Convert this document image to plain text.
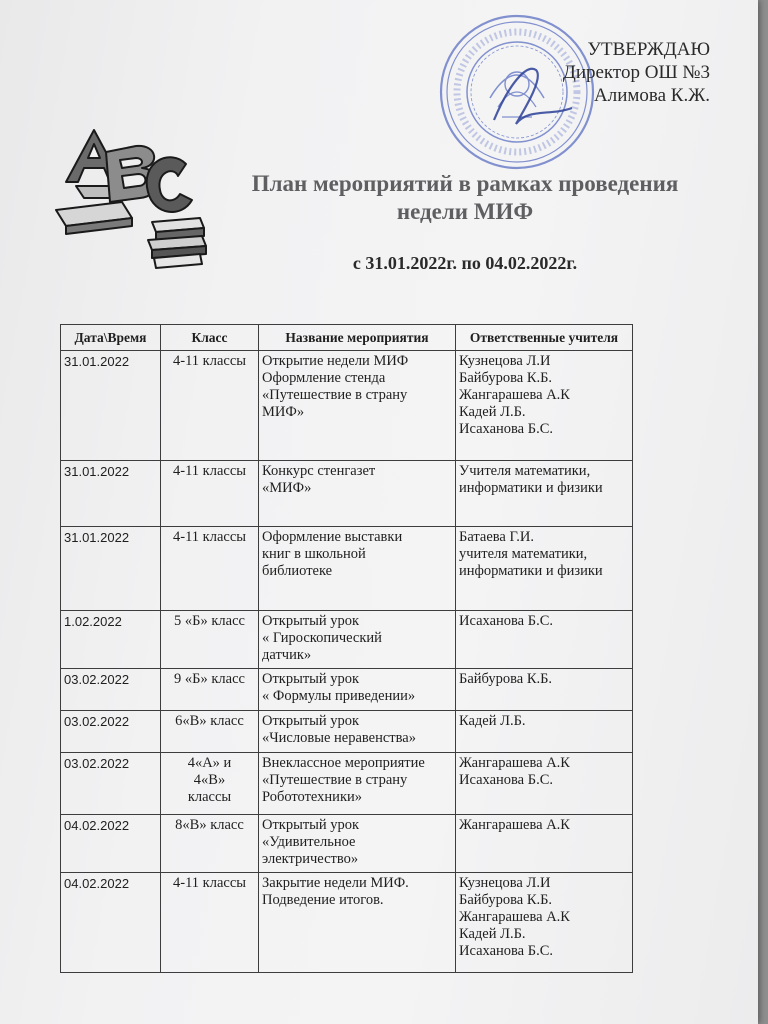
УТВЕРЖДАЮ
Директор ОШ №3
Алимова К.Ж.
План мероприятий в рамках проведения
недели МИФ
с 31.01.2022г. по 04.02.2022г.
Дата\Время	Класс	Название мероприятия	Ответственные учителя
31.01.2022	4-11 классы	Открытие недели МИФ
Оформление стенда
«Путешествие в страну
МИФ»	Кузнецова Л.И
Байбурова К.Б.
Жангарашева А.К
Кадей Л.Б.
Исаханова Б.С.

31.01.2022	4-11 классы	Конкурс стенгазет
«МИФ»	Учителя математики,
информатики и физики

31.01.2022	4-11 классы	Оформление выставки
книг в школьной
библиотеке	Батаева Г.И.
учителя математики,
информатики и физики

1.02.2022	5 «Б» класс	Открытый урок
« Гироскопический
датчик»	Исаханова Б.С.

03.02.2022	9 «Б» класс	Открытый урок
« Формулы приведении»	Байбурова К.Б.

03.02.2022	6«В» класс	Открытый урок
«Числовые неравенства»	Кадей Л.Б.

03.02.2022	4«А» и
4«В»
классы	Внеклассное мероприятие
«Путешествие в страну
Робототехники»	Жангарашева А.К
Исаханова Б.С.

04.02.2022	8«В» класс	Открытый урок
«Удивительное
электричество»	Жангарашева А.К

04.02.2022	4-11 классы	Закрытие недели МИФ.
Подведение итогов.	Кузнецова Л.И
Байбурова К.Б.
Жангарашева А.К
Кадей Л.Б.
Исаханова Б.С.
